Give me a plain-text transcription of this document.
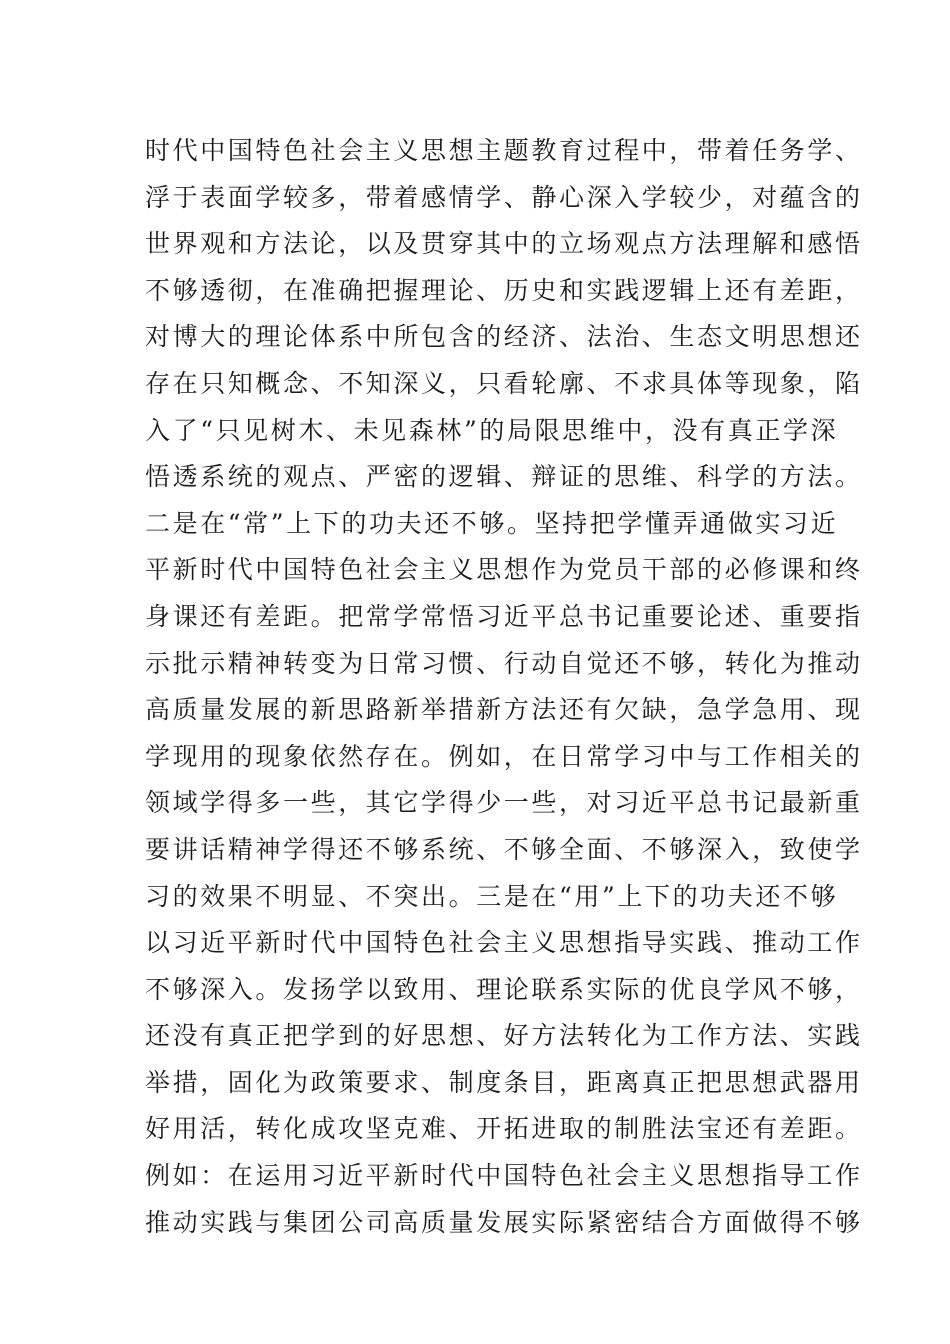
时代中国特色社会主义思想主题教育过程中，带着任务学、
浮于表面学较多，带着感情学、静心深入学较少，对蕴含的
世界观和方法论，以及贯穿其中的立场观点方法理解和感悟
不够透彻，在准确把握理论、历史和实践逻辑上还有差距，
对博大的理论体系中所包含的经济、法治、生态文明思想还
存在只知概念、不知深义，只看轮廓、不求具体等现象，陷
入了“只见树木、未见森林”的局限思维中，没有真正学深
悟透系统的观点、严密的逻辑、辩证的思维、科学的方法。
二是在“常”上下的功夫还不够。坚持把学懂弄通做实习近
平新时代中国特色社会主义思想作为党员干部的必修课和终
身课还有差距。把常学常悟习近平总书记重要论述、重要指
示批示精神转变为日常习惯、行动自觉还不够，转化为推动
高质量发展的新思路新举措新方法还有欠缺，急学急用、现
学现用的现象依然存在。例如，在日常学习中与工作相关的
领域学得多一些，其它学得少一些，对习近平总书记最新重
要讲话精神学得还不够系统、不够全面、不够深入，致使学
习的效果不明显、不突出。三是在“用”上下的功夫还不够
以习近平新时代中国特色社会主义思想指导实践、推动工作
不够深入。发扬学以致用、理论联系实际的优良学风不够，
还没有真正把学到的好思想、好方法转化为工作方法、实践
举措，固化为政策要求、制度条目，距离真正把思想武器用
好用活，转化成攻坚克难、开拓进取的制胜法宝还有差距。
例如：在运用习近平新时代中国特色社会主义思想指导工作
推动实践与集团公司高质量发展实际紧密结合方面做得不够
